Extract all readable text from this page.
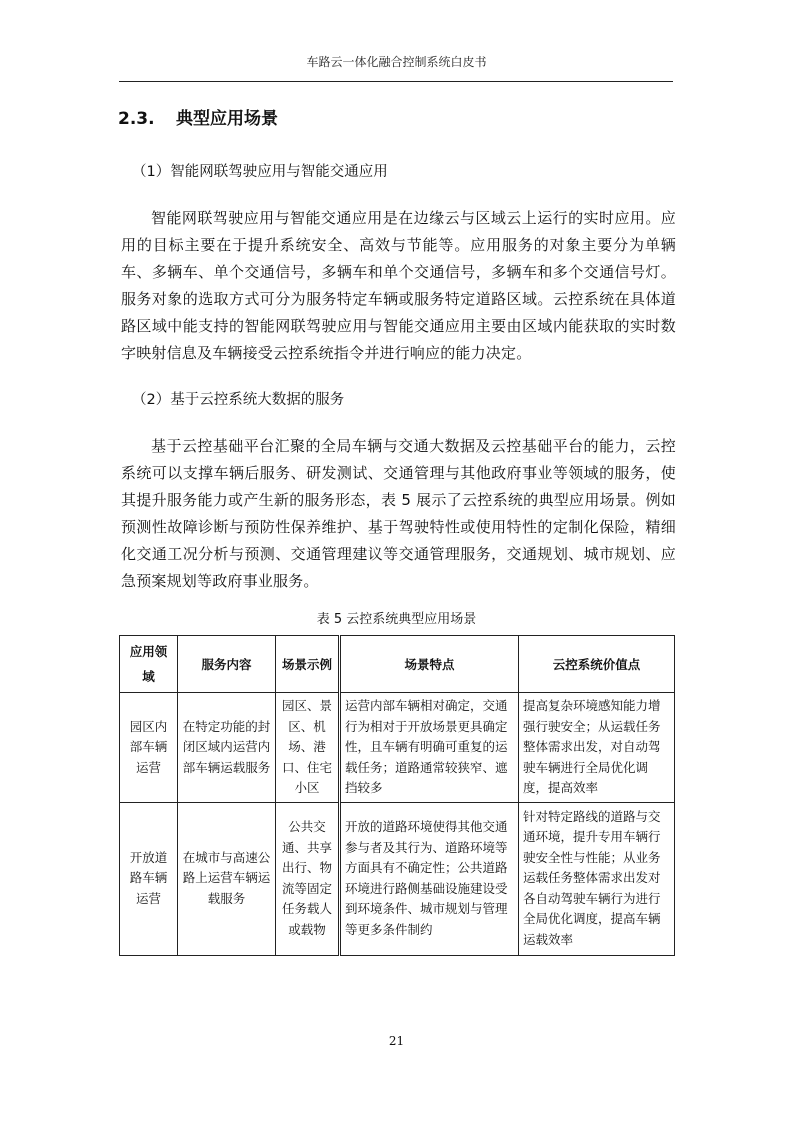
车路云一体化融合控制系统白皮书
2.3. 典型应用场景
（1）智能网联驾驶应用与智能交通应用
智能网联驾驶应用与智能交通应用是在边缘云与区域云上运行的实时应用。应用的目标主要在于提升系统安全、高效与节能等。应用服务的对象主要分为单辆车、多辆车、单个交通信号，多辆车和单个交通信号，多辆车和多个交通信号灯。服务对象的选取方式可分为服务特定车辆或服务特定道路区域。云控系统在具体道路区域中能支持的智能网联驾驶应用与智能交通应用主要由区域内能获取的实时数字映射信息及车辆接受云控系统指令并进行响应的能力决定。
（2）基于云控系统大数据的服务
基于云控基础平台汇聚的全局车辆与交通大数据及云控基础平台的能力，云控系统可以支撑车辆后服务、研发测试、交通管理与其他政府事业等领域的服务，使其提升服务能力或产生新的服务形态，表 5 展示了云控系统的典型应用场景。例如预测性故障诊断与预防性保养维护、基于驾驶特性或使用特性的定制化保险，精细化交通工况分析与预测、交通管理建议等交通管理服务，交通规划、城市规划、应急预案规划等政府事业服务。
表 5 云控系统典型应用场景
应用领域	服务内容	场景示例	场景特点	云控系统价值点
园区内部车辆运营	在特定功能的封闭区域内运营内部车辆运载服务	园区、景区、机场、港口、住宅小区	运营内部车辆相对确定，交通行为相对于开放场景更具确定性，且车辆有明确可重复的运载任务；道路通常较狭窄、遮挡较多	提高复杂环境感知能力增强行驶安全；从运载任务整体需求出发，对自动驾驶车辆进行全局优化调度，提高效率
开放道路车辆运营	在城市与高速公路上运营车辆运载服务	公共交通、共享出行、物流等固定任务载人或载物	开放的道路环境使得其他交通参与者及其行为、道路环境等方面具有不确定性；公共道路环境进行路侧基础设施建设受到环境条件、城市规划与管理等更多条件制约	针对特定路线的道路与交通环境，提升专用车辆行驶安全性与性能；从业务运载任务整体需求出发对各自动驾驶车辆行为进行全局优化调度，提高车辆运载效率
21
